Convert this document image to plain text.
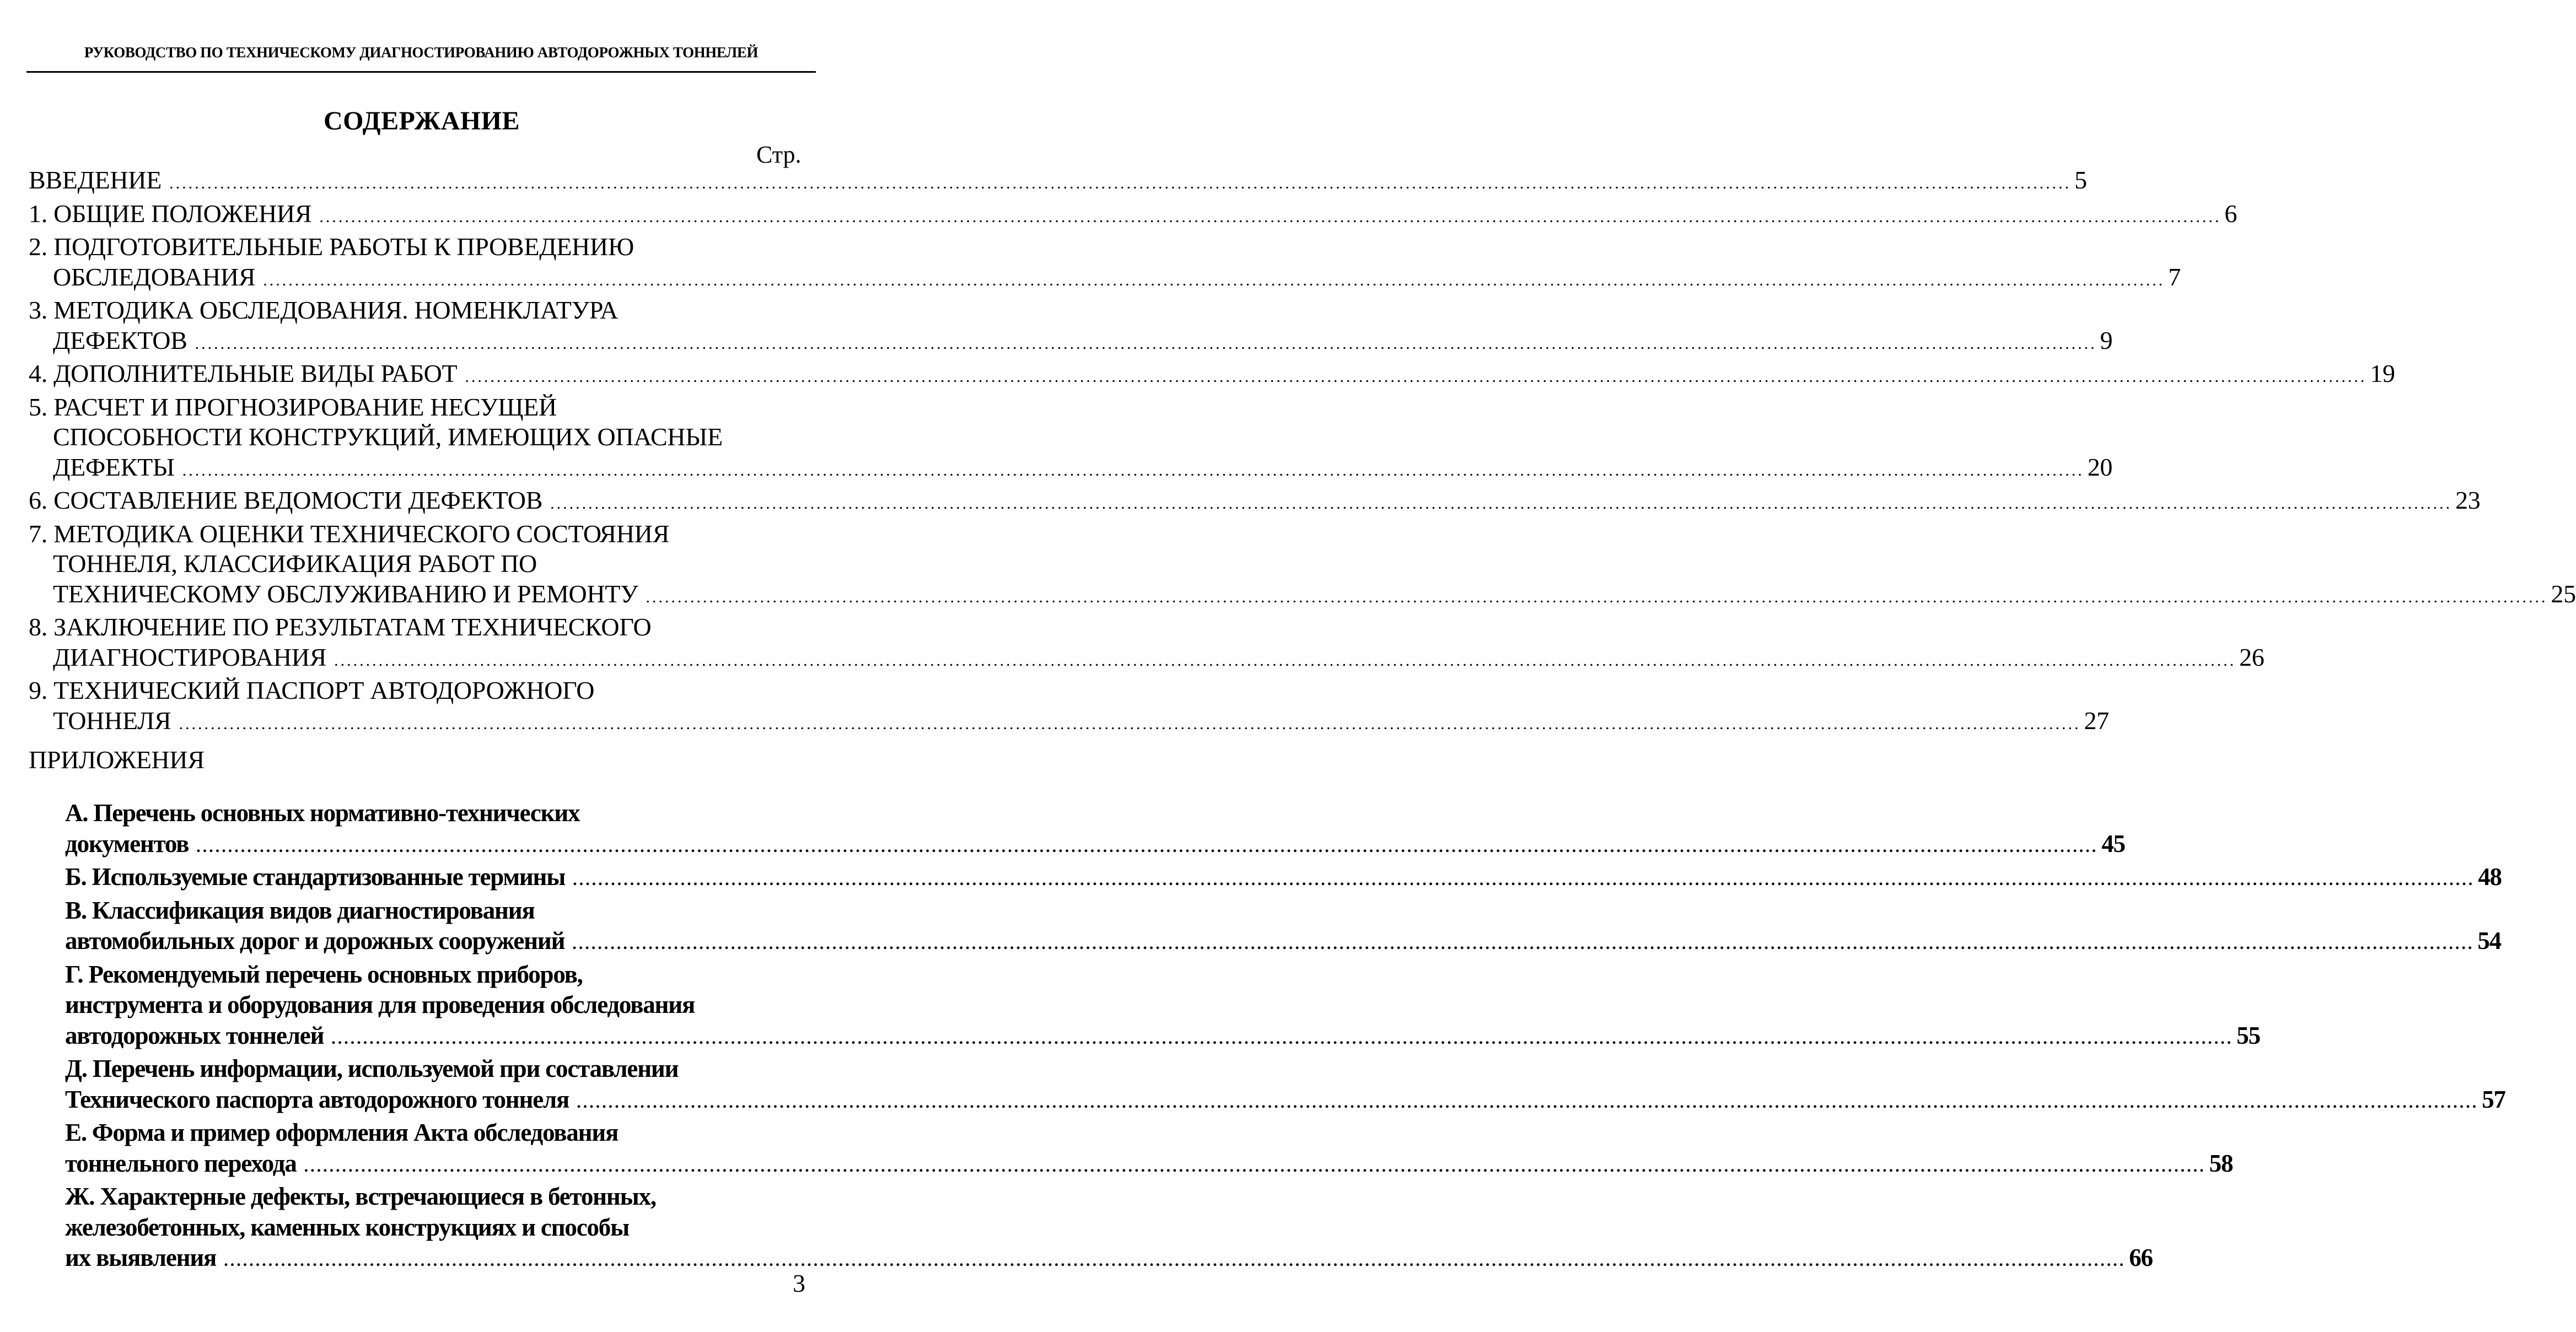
РУКОВОДСТВО ПО ТЕХНИЧЕСКОМУ ДИАГНОСТИРОВАНИЮ АВТОДОРОЖНЫХ ТОННЕЛЕЙ
СОДЕРЖАНИЕ
Стр.
ВВЕДЕНИЕ ............................................................................................................................................................................................................................................................................................................ 5
1. ОБЩИЕ ПОЛОЖЕНИЯ ............................................................................................................................................................................................................................................................................................................ 6
2. ПОДГОТОВИТЕЛЬНЫЕ РАБОТЫ К ПРОВЕДЕНИЮ
ОБСЛЕДОВАНИЯ ............................................................................................................................................................................................................................................................................................................ 7
3. МЕТОДИКА ОБСЛЕДОВАНИЯ. НОМЕНКЛАТУРА
ДЕФЕКТОВ ............................................................................................................................................................................................................................................................................................................ 9
4. ДОПОЛНИТЕЛЬНЫЕ ВИДЫ РАБОТ ............................................................................................................................................................................................................................................................................................................ 19
5. РАСЧЕТ И ПРОГНОЗИРОВАНИЕ НЕСУЩЕЙ
СПОСОБНОСТИ КОНСТРУКЦИЙ, ИМЕЮЩИХ ОПАСНЫЕ
ДЕФЕКТЫ ............................................................................................................................................................................................................................................................................................................ 20
6. СОСТАВЛЕНИЕ ВЕДОМОСТИ ДЕФЕКТОВ ............................................................................................................................................................................................................................................................................................................ 23
7. МЕТОДИКА ОЦЕНКИ ТЕХНИЧЕСКОГО СОСТОЯНИЯ
ТОННЕЛЯ, КЛАССИФИКАЦИЯ РАБОТ ПО
ТЕХНИЧЕСКОМУ ОБСЛУЖИВАНИЮ И РЕМОНТУ ............................................................................................................................................................................................................................................................................................................ 25
8. ЗАКЛЮЧЕНИЕ ПО РЕЗУЛЬТАТАМ ТЕХНИЧЕСКОГО
ДИАГНОСТИРОВАНИЯ ............................................................................................................................................................................................................................................................................................................ 26
9. ТЕХНИЧЕСКИЙ ПАСПОРТ АВТОДОРОЖНОГО
ТОННЕЛЯ ............................................................................................................................................................................................................................................................................................................ 27
ПРИЛОЖЕНИЯ
А. Перечень основных нормативно-технических
документов ............................................................................................................................................................................................................................................................................................................ 45
Б. Используемые стандартизованные термины ............................................................................................................................................................................................................................................................................................................ 48
В. Классификация видов диагностирования
автомобильных дорог и дорожных сооружений ............................................................................................................................................................................................................................................................................................................ 54
Г. Рекомендуемый перечень основных приборов,
инструмента и оборудования для проведения обследования
автодорожных тоннелей ............................................................................................................................................................................................................................................................................................................ 55
Д. Перечень информации, используемой при составлении
Технического паспорта автодорожного тоннеля ............................................................................................................................................................................................................................................................................................................ 57
Е. Форма и пример оформления Акта обследования
тоннельного перехода ............................................................................................................................................................................................................................................................................................................ 58
Ж. Характерные дефекты, встречающиеся в бетонных,
железобетонных, каменных конструкциях и способы
их выявления ............................................................................................................................................................................................................................................................................................................ 66
3
